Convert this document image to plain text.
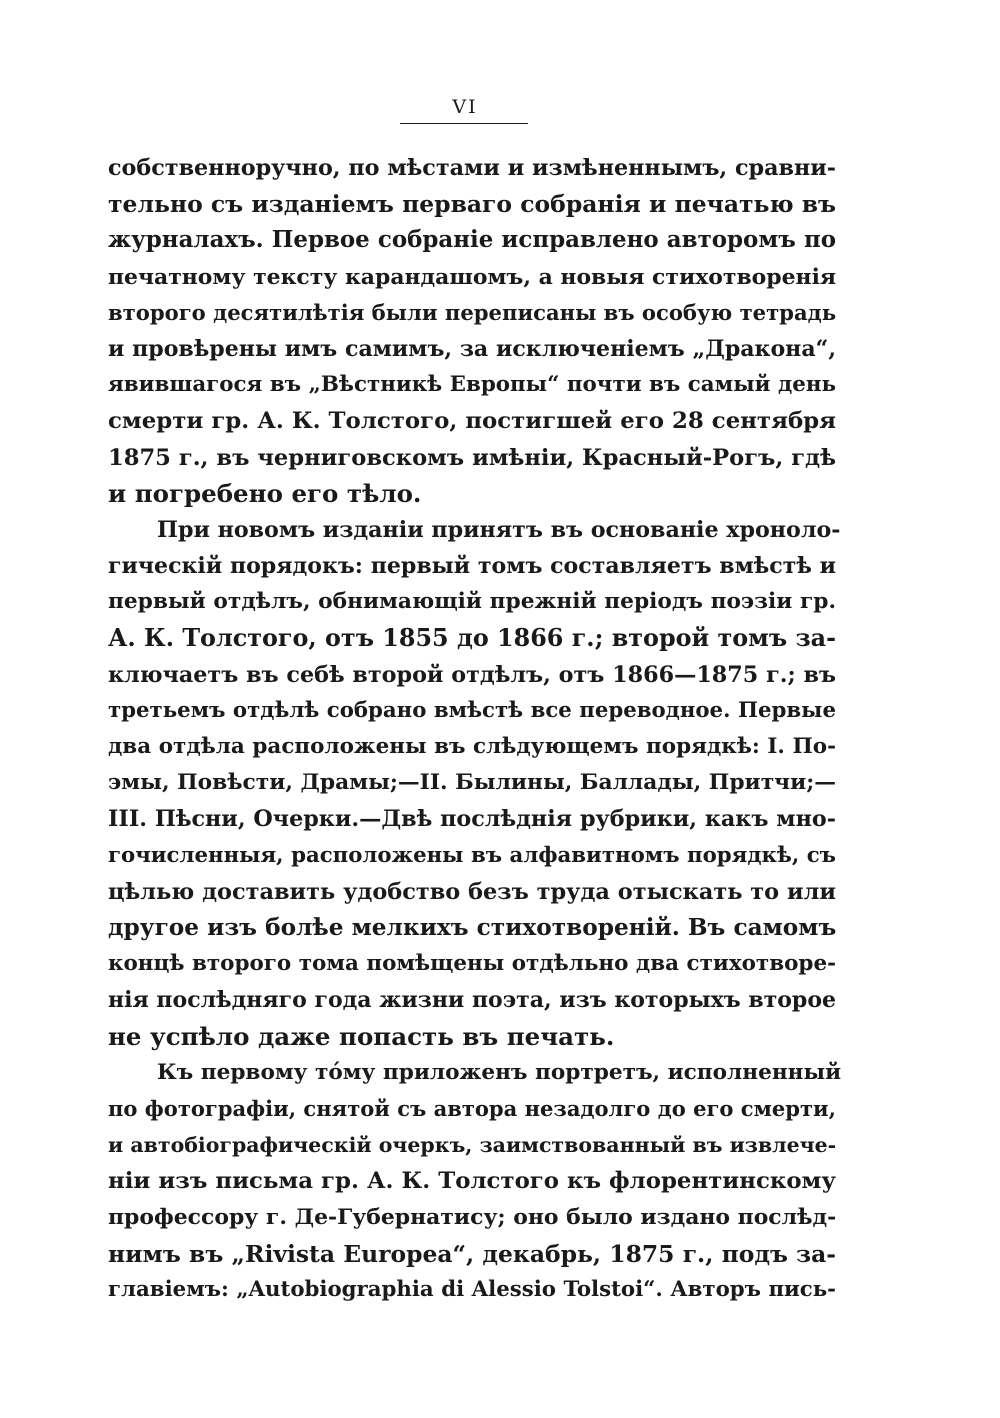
VI
собственноручно, по мѣстами и измѣненнымъ, сравни-
тельно съ изданіемъ перваго собранія и печатью въ
журналахъ. Первое собраніе исправлено авторомъ по
печатному тексту карандашомъ, а новыя стихотворенія
второго десятилѣтія были переписаны въ особую тетрадь
и провѣрены имъ самимъ, за исключеніемъ „Дракона“,
явившагося въ „Вѣстникѣ Европы“ почти въ самый день
смерти гр. А. К. Толстого, постигшей его 28 сентября
1875 г., въ черниговскомъ имѣніи, Красный-Рогъ, гдѣ
и погребено его тѣло.
При новомъ изданіи принятъ въ основаніе хроноло-
гическій порядокъ: первый томъ составляетъ вмѣстѣ и
первый отдѣлъ, обнимающій прежній періодъ поэзіи гр.
А. К. Толстого, отъ 1855 до 1866 г.; второй томъ за-
ключаетъ въ себѣ второй отдѣлъ, отъ 1866—1875 г.; въ
третьемъ отдѣлѣ собрано вмѣстѣ все переводное. Первые
два отдѣла расположены въ слѣдующемъ порядкѣ: I. По-
эмы, Повѣсти, Драмы;—II. Былины, Баллады, Притчи;—
III. Пѣсни, Очерки.—Двѣ послѣднія рубрики, какъ мно-
гочисленныя, расположены въ алфавитномъ порядкѣ, съ
цѣлью доставить удобство безъ труда отыскать то или
другое изъ болѣе мелкихъ стихотвореній. Въ самомъ
концѣ второго тома помѣщены отдѣльно два стихотворе-
нія послѣдняго года жизни поэта, изъ которыхъ второе
не успѣло даже попасть въ печать.
Къ первому то́му приложенъ портретъ, исполненный
по фотографіи, снятой съ автора незадолго до его смерти,
и автобіографическій очеркъ, заимствованный въ извлече-
ніи изъ письма гр. А. К. Толстого къ флорентинскому
профессору г. Де-Губернатису; оно было издано послѣд-
нимъ въ „Rivista Europea“, декабрь, 1875 г., подъ за-
главіемъ: „Autobiographia di Alessio Tolstoi“. Авторъ пись-
